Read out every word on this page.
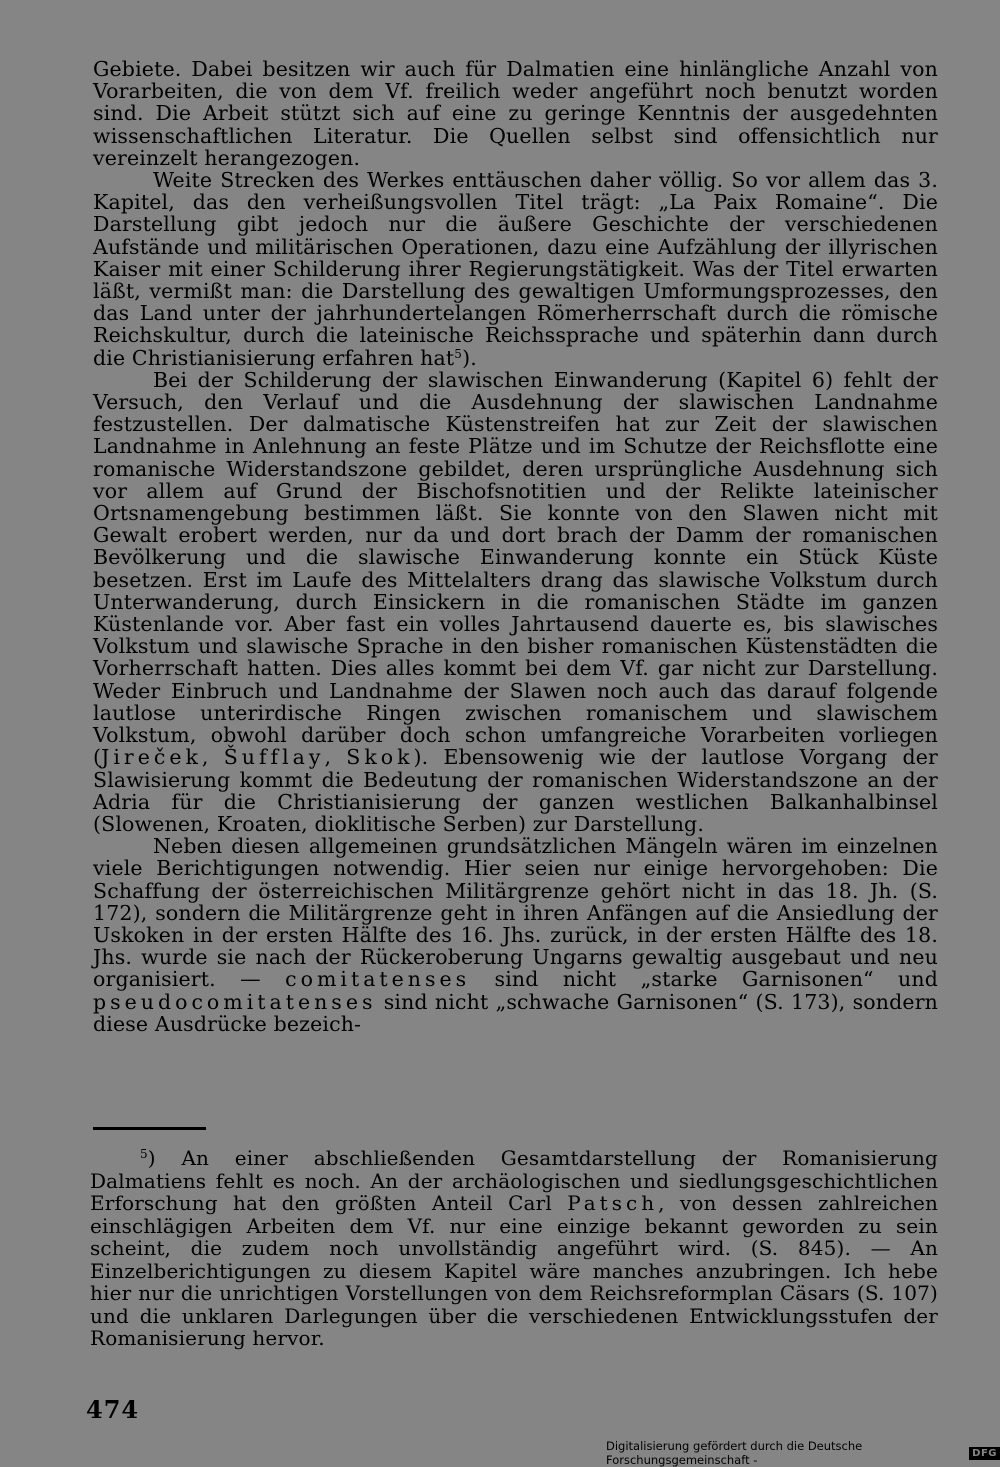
Gebiete. Dabei besitzen wir auch für Dalmatien eine hinlängliche Anzahl von Vorarbeiten, die von dem Vf. freilich weder angeführt noch benutzt worden sind. Die Arbeit stützt sich auf eine zu geringe Kenntnis der ausgedehnten wissenschaftlichen Literatur. Die Quellen selbst sind offensichtlich nur vereinzelt herangezogen.

Weite Strecken des Werkes enttäuschen daher völlig. So vor allem das 3. Kapitel, das den verheißungsvollen Titel trägt: „La Paix Romaine“. Die Darstellung gibt jedoch nur die äußere Geschichte der verschiedenen Aufstände und militärischen Operationen, dazu eine Aufzählung der illyrischen Kaiser mit einer Schilderung ihrer Regierungstätigkeit. Was der Titel erwarten läßt, vermißt man: die Darstellung des gewaltigen Umformungsprozesses, den das Land unter der jahrhundertelangen Römerherrschaft durch die römische Reichskultur, durch die lateinische Reichssprache und späterhin dann durch die Christianisierung erfahren hat$^5$).

Bei der Schilderung der slawischen Einwanderung (Kapitel 6) fehlt der Versuch, den Verlauf und die Ausdehnung der slawischen Landnahme festzustellen. Der dalmatische Küstenstreifen hat zur Zeit der slawischen Landnahme in Anlehnung an feste Plätze und im Schutze der Reichsflotte eine romanische Widerstandszone gebildet, deren ursprüngliche Ausdehnung sich vor allem auf Grund der Bischofsnotitien und der Relikte lateinischer Ortsnamengebung bestimmen läßt. Sie konnte von den Slawen nicht mit Gewalt erobert werden, nur da und dort brach der Damm der romanischen Bevölkerung und die slawische Einwanderung konnte ein Stück Küste besetzen. Erst im Laufe des Mittelalters drang das slawische Volkstum durch Unterwanderung, durch Einsickern in die romanischen Städte im ganzen Küstenlande vor. Aber fast ein volles Jahrtausend dauerte es, bis slawisches Volkstum und slawische Sprache in den bisher romanischen Küstenstädten die Vorherrschaft hatten. Dies alles kommt bei dem Vf. gar nicht zur Darstellung. Weder Einbruch und Landnahme der Slawen noch auch das darauf folgende lautlose unterirdische Ringen zwischen romanischem und slawischem Volkstum, obwohl darüber doch schon umfangreiche Vorarbeiten vorliegen (Jireček, Šufflay, Skok). Ebensowenig wie der lautlose Vorgang der Slawisierung kommt die Bedeutung der romanischen Widerstandszone an der Adria für die Christianisierung der ganzen westlichen Balkanhalbinsel (Slowenen, Kroaten, dioklitische Serben) zur Darstellung.

Neben diesen allgemeinen grundsätzlichen Mängeln wären im einzelnen viele Berichtigungen notwendig. Hier seien nur einige hervorgehoben: Die Schaffung der österreichischen Militärgrenze gehört nicht in das 18. Jh. (S. 172), sondern die Militärgrenze geht in ihren Anfängen auf die Ansiedlung der Uskoken in der ersten Hälfte des 16. Jhs. zurück, in der ersten Hälfte des 18. Jhs. wurde sie nach der Rückeroberung Ungarns gewaltig ausgebaut und neu organisiert. — comitatenses sind nicht „starke Garnisonen“ und pseudocomitatenses sind nicht „schwache Garnisonen“ (S. 173), sondern diese Ausdrücke bezeich-

$^5$) An einer abschließenden Gesamtdarstellung der Romanisierung Dalmatiens fehlt es noch. An der archäologischen und siedlungsgeschichtlichen Erforschung hat den größten Anteil Carl Patsch, von dessen zahlreichen einschlägigen Arbeiten dem Vf. nur eine einzige bekannt geworden zu sein scheint, die zudem noch unvollständig angeführt wird. (S. 845). — An Einzelberichtigungen zu diesem Kapitel wäre manches anzubringen. Ich hebe hier nur die unrichtigen Vorstellungen von dem Reichsreformplan Cäsars (S. 107) und die unklaren Darlegungen über die verschiedenen Entwicklungsstufen der Romanisierung hervor.

474
Digitalisierung gefördert durch die Deutsche Forschungsgemeinschaft -	DFG
